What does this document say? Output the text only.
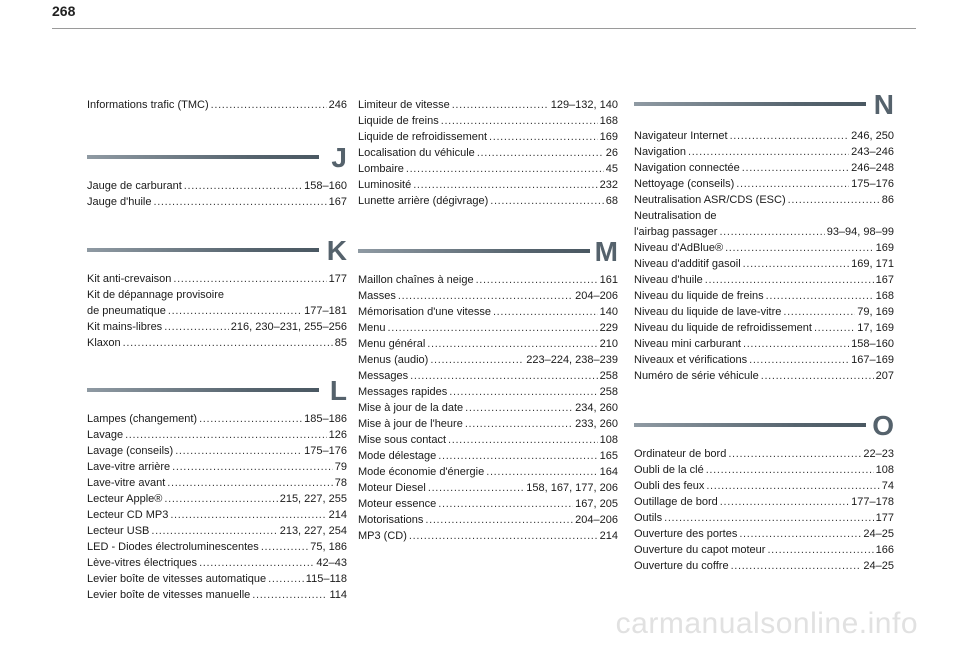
268
Informations trafic (TMC) . . .	246
J
Jauge de carburant . . .	158–160
Jauge d'huile . . .	167
K
Kit anti-crevaison . . .	177
Kit de dépannage provisoire
de pneumatique . . .	177–181
Kit mains-libres . . .	216, 230–231, 255–256
Klaxon . . .	85
L
Lampes (changement) . . .	185–186
Lavage . . .	126
Lavage (conseils) . . .	175–176
Lave-vitre arrière . . .	79
Lave-vitre avant . . .	78
Lecteur Apple® . . .	215, 227, 255
Lecteur CD MP3 . . .	214
Lecteur USB . . .	213, 227, 254
LED - Diodes électroluminescentes . . .	75, 186
Lève-vitres électriques . . .	42–43
Levier boîte de vitesses automatique . . .	115–118
Levier boîte de vitesses manuelle . . .	114
Limiteur de vitesse . . .	129–132, 140
Liquide de freins . . .	168
Liquide de refroidissement . . .	169
Localisation du véhicule . . .	26
Lombaire . . .	45
Luminosité . . .	232
Lunette arrière (dégivrage) . . .	68
M
Maillon chaînes à neige . . .	161
Masses . . .	204–206
Mémorisation d'une vitesse . . .	140
Menu . . .	229
Menu général . . .	210
Menus (audio) . . .	223–224, 238–239
Messages . . .	258
Messages rapides . . .	258
Mise à jour de la date . . .	234, 260
Mise à jour de l'heure . . .	233, 260
Mise sous contact . . .	108
Mode délestage . . .	165
Mode économie d'énergie . . .	164
Moteur Diesel . . .	158, 167, 177, 206
Moteur essence . . .	167, 205
Motorisations . . .	204–206
MP3 (CD) . . .	214
N
Navigateur Internet . . .	246, 250
Navigation . . .	243–246
Navigation connectée . . .	246–248
Nettoyage (conseils) . . .	175–176
Neutralisation ASR/CDS (ESC) . . .	86
Neutralisation de
l'airbag passager . . .	93–94, 98–99
Niveau d'AdBlue® . . .	169
Niveau d'additif gasoil . . .	169, 171
Niveau d'huile . . .	167
Niveau du liquide de freins . . .	168
Niveau du liquide de lave-vitre . . .	79, 169
Niveau du liquide de refroidissement . . .	17, 169
Niveau mini carburant . . .	158–160
Niveaux et vérifications . . .	167–169
Numéro de série véhicule . . .	207
O
Ordinateur de bord . . .	22–23
Oubli de la clé . . .	108
Oubli des feux . . .	74
Outillage de bord . . .	177–178
Outils . . .	177
Ouverture des portes . . .	24–25
Ouverture du capot moteur . . .	166
Ouverture du coffre . . .	24–25
carmanualsonline.info
